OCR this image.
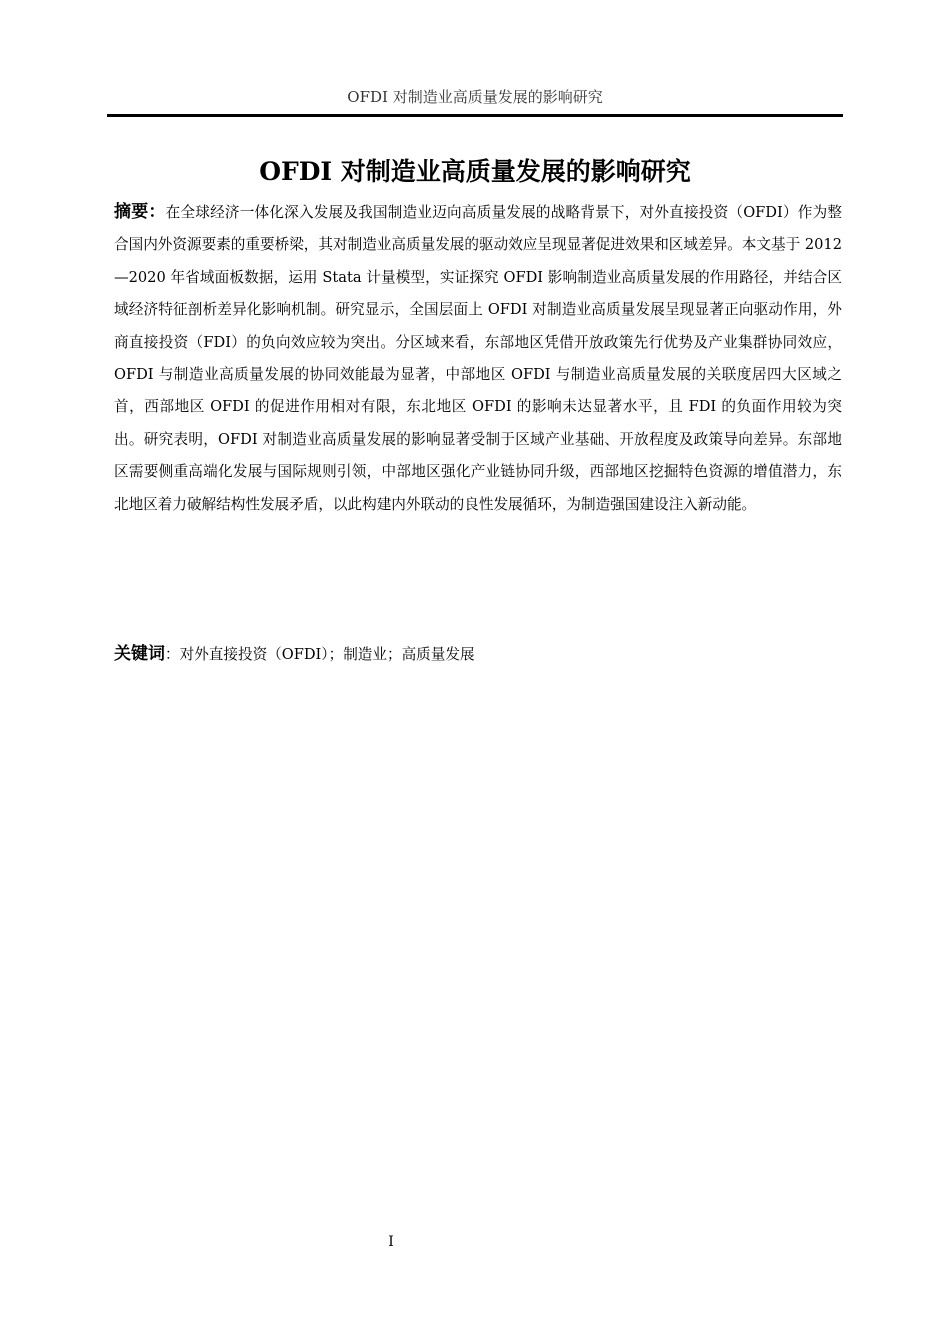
OFDI 对制造业高质量发展的影响研究
OFDI 对制造业高质量发展的影响研究

摘要：在全球经济一体化深入发展及我国制造业迈向高质量发展的战略背景下，对外直接投资（OFDI）作为整合国内外资源要素的重要桥梁，其对制造业高质量发展的驱动效应呈现显著促进效果和区域差异。本文基于 2012—2020 年省域面板数据，运用 Stata 计量模型，实证探究 OFDI 影响制造业高质量发展的作用路径，并结合区域经济特征剖析差异化影响机制。研究显示，全国层面上 OFDI 对制造业高质量发展呈现显著正向驱动作用，外商直接投资（FDI）的负向效应较为突出。分区域来看，东部地区凭借开放政策先行优势及产业集群协同效应，OFDI 与制造业高质量发展的协同效能最为显著，中部地区 OFDI 与制造业高质量发展的关联度居四大区域之首，西部地区 OFDI 的促进作用相对有限，东北地区 OFDI 的影响未达显著水平，且 FDI 的负面作用较为突出。研究表明，OFDI 对制造业高质量发展的影响显著受制于区域产业基础、开放程度及政策导向差异。东部地区需要侧重高端化发展与国际规则引领，中部地区强化产业链协同升级，西部地区挖掘特色资源的增值潜力，东北地区着力破解结构性发展矛盾，以此构建内外联动的良性发展循环，为制造强国建设注入新动能。

关键词：对外直接投资（OFDI）；制造业；高质量发展

I
